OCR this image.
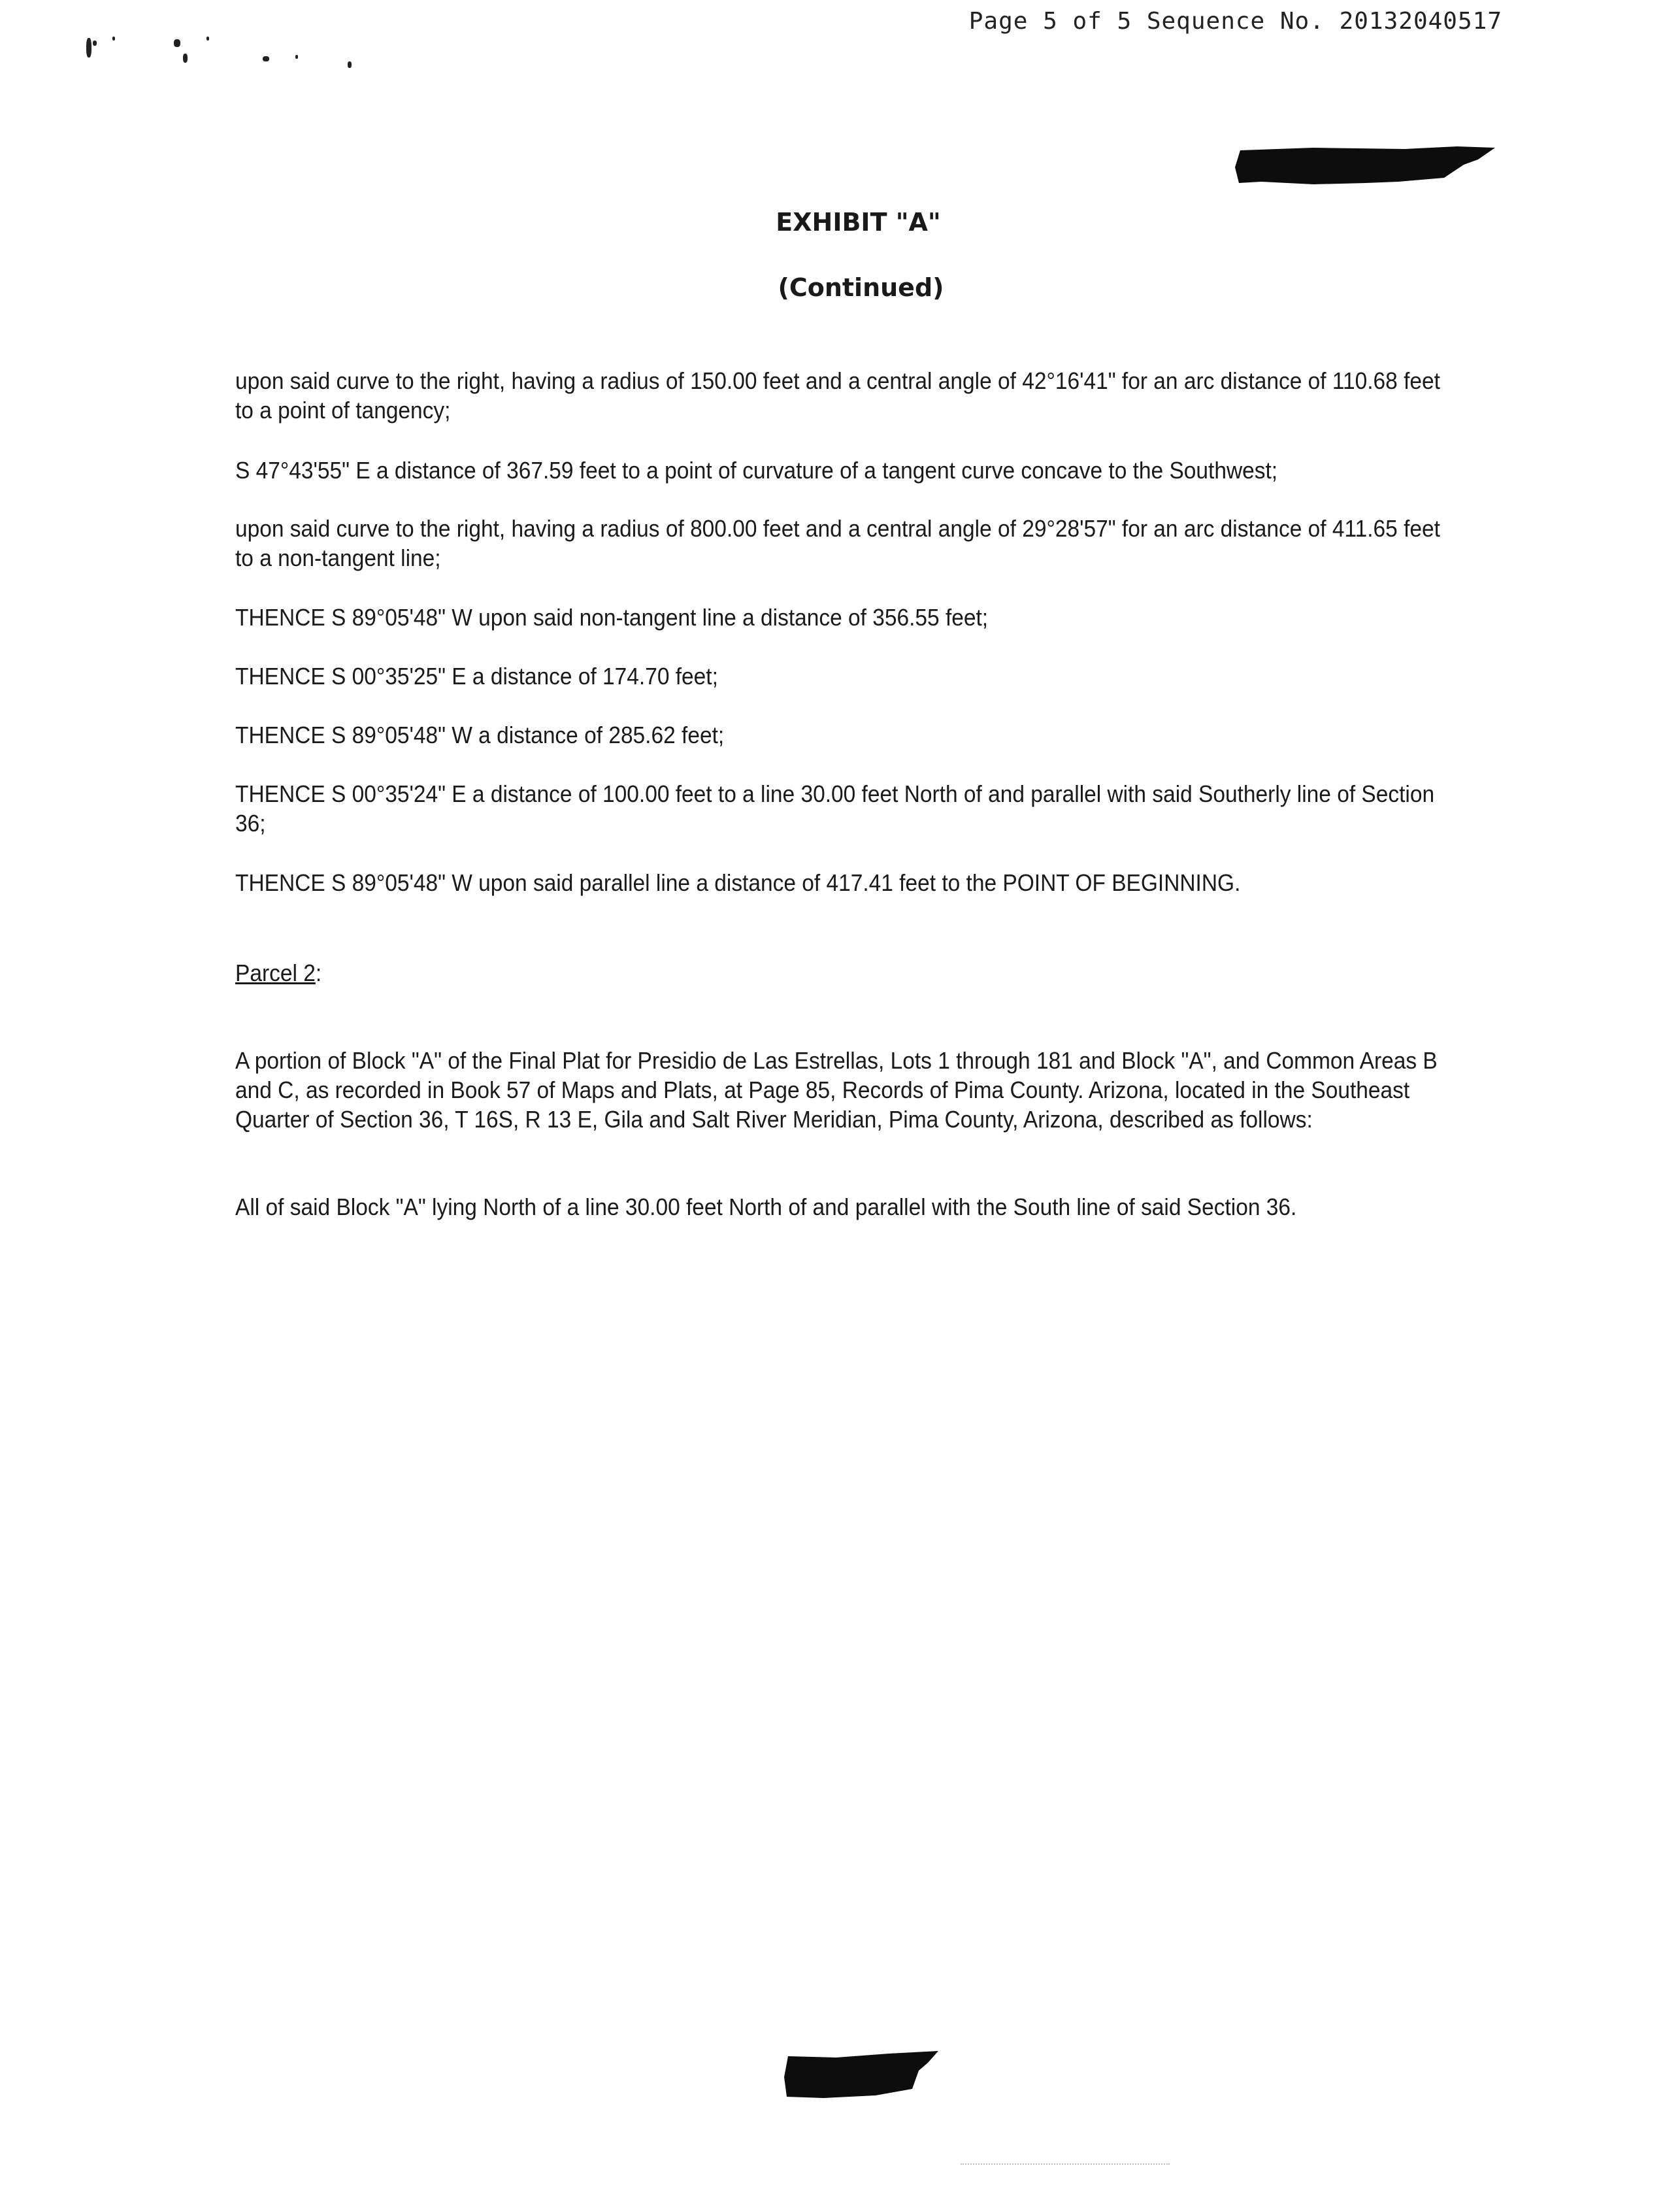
Page 5 of 5 Sequence No. 20132040517
EXHIBIT "A"
(Continued)

upon said curve to the right, having a radius of 150.00 feet and a central angle of 42°16'41" for an arc distance of 110.68 feet to a point of tangency;

S 47°43'55" E a distance of 367.59 feet to a point of curvature of a tangent curve concave to the Southwest;

upon said curve to the right, having a radius of 800.00 feet and a central angle of 29°28'57" for an arc distance of 411.65 feet to a non-tangent line;

THENCE S 89°05'48" W upon said non-tangent line a distance of 356.55 feet;

THENCE S 00°35'25" E a distance of 174.70 feet;

THENCE S 89°05'48" W a distance of 285.62 feet;

THENCE S 00°35'24" E a distance of 100.00 feet to a line 30.00 feet North of and parallel with said Southerly line of Section 36;

THENCE S 89°05'48" W upon said parallel line a distance of 417.41 feet to the POINT OF BEGINNING.

Parcel 2:

A portion of Block "A" of the Final Plat for Presidio de Las Estrellas, Lots 1 through 181 and Block "A", and Common Areas B and C, as recorded in Book 57 of Maps and Plats, at Page 85, Records of Pima County. Arizona, located in the Southeast Quarter of Section 36, T 16S, R 13 E, Gila and Salt River Meridian, Pima County, Arizona, described as follows:

All of said Block "A" lying North of a line 30.00 feet North of and parallel with the South line of said Section 36.
